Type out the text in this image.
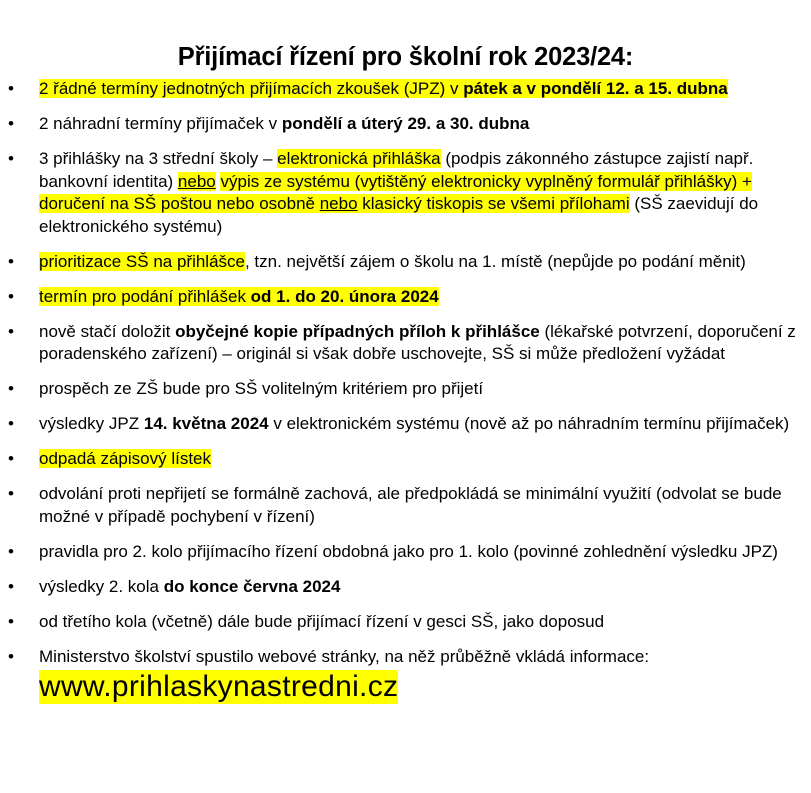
Přijímací řízení pro školní rok 2023/24:
• 2 řádné termíny jednotných přijímacích zkoušek (JPZ) v pátek a v pondělí 12. a 15. dubna
• 2 náhradní termíny přijímaček v pondělí a úterý 29. a 30. dubna
• 3 přihlášky na 3 střední školy – elektronická přihláška (podpis zákonného zástupce zajistí např. bankovní identita) nebo výpis ze systému (vytištěný elektronicky vyplněný formulář přihlášky) + doručení na SŠ poštou nebo osobně nebo klasický tiskopis se všemi přílohami (SŠ zaevidují do elektronického systému)
• prioritizace SŠ na přihlášce, tzn. největší zájem o školu na 1. místě (nepůjde po podání měnit)
• termín pro podání přihlášek od 1. do 20. února 2024
• nově stačí doložit obyčejné kopie případných příloh k přihlášce (lékařské potvrzení, doporučení z poradenského zařízení) – originál si však dobře uschovejte, SŠ si může předložení vyžádat
• prospěch ze ZŠ bude pro SŠ volitelným kritériem pro přijetí
• výsledky JPZ 14. května 2024 v elektronickém systému (nově až po náhradním termínu přijímaček)
• odpadá zápisový lístek
• odvolání proti nepřijetí se formálně zachová, ale předpokládá se minimální využití (odvolat se bude možné v případě pochybení v řízení)
• pravidla pro 2. kolo přijímacího řízení obdobná jako pro 1. kolo (povinné zohlednění výsledku JPZ)
• výsledky 2. kola do konce června 2024
• od třetího kola (včetně) dále bude přijímací řízení v gesci SŠ, jako doposud
• Ministerstvo školství spustilo webové stránky, na něž průběžně vkládá informace:
www.prihlaskynastredni.cz
